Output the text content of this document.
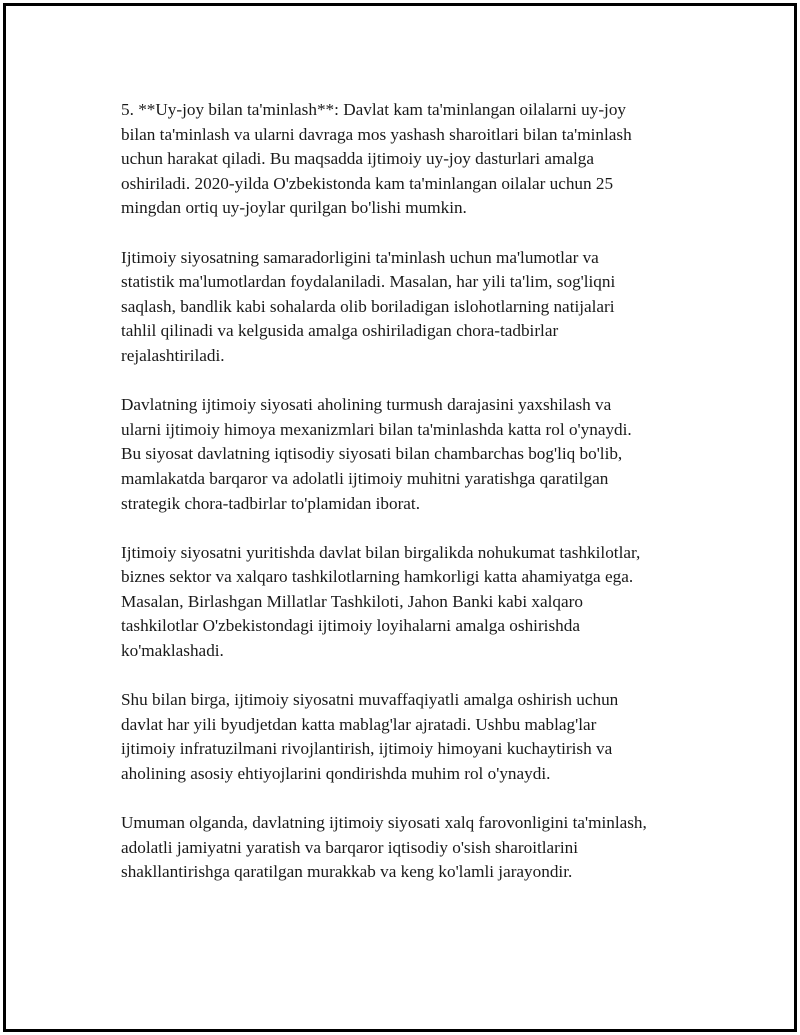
5. **Uy-joy bilan ta'minlash**: Davlat kam ta'minlangan oilalarni uy-joy
bilan ta'minlash va ularni davraga mos yashash sharoitlari bilan ta'minlash
uchun harakat qiladi. Bu maqsadda ijtimoiy uy-joy dasturlari amalga
oshiriladi. 2020-yilda O'zbekistonda kam ta'minlangan oilalar uchun 25
mingdan ortiq uy-joylar qurilgan bo'lishi mumkin.

Ijtimoiy siyosatning samaradorligini ta'minlash uchun ma'lumotlar va
statistik ma'lumotlardan foydalaniladi. Masalan, har yili ta'lim, sog'liqni
saqlash, bandlik kabi sohalarda olib boriladigan islohotlarning natijalari
tahlil qilinadi va kelgusida amalga oshiriladigan chora-tadbirlar
rejalashtiriladi.

Davlatning ijtimoiy siyosati aholining turmush darajasini yaxshilash va
ularni ijtimoiy himoya mexanizmlari bilan ta'minlashda katta rol o'ynaydi.
Bu siyosat davlatning iqtisodiy siyosati bilan chambarchas bog'liq bo'lib,
mamlakatda barqaror va adolatli ijtimoiy muhitni yaratishga qaratilgan
strategik chora-tadbirlar to'plamidan iborat.

Ijtimoiy siyosatni yuritishda davlat bilan birgalikda nohukumat tashkilotlar,
biznes sektor va xalqaro tashkilotlarning hamkorligi katta ahamiyatga ega.
Masalan, Birlashgan Millatlar Tashkiloti, Jahon Banki kabi xalqaro
tashkilotlar O'zbekistondagi ijtimoiy loyihalarni amalga oshirishda
ko'maklashadi.

Shu bilan birga, ijtimoiy siyosatni muvaffaqiyatli amalga oshirish uchun
davlat har yili byudjetdan katta mablag'lar ajratadi. Ushbu mablag'lar
ijtimoiy infratuzilmani rivojlantirish, ijtimoiy himoyani kuchaytirish va
aholining asosiy ehtiyojlarini qondirishda muhim rol o'ynaydi.

Umuman olganda, davlatning ijtimoiy siyosati xalq farovonligini ta'minlash,
adolatli jamiyatni yaratish va barqaror iqtisodiy o'sish sharoitlarini
shakllantirishga qaratilgan murakkab va keng ko'lamli jarayondir.
